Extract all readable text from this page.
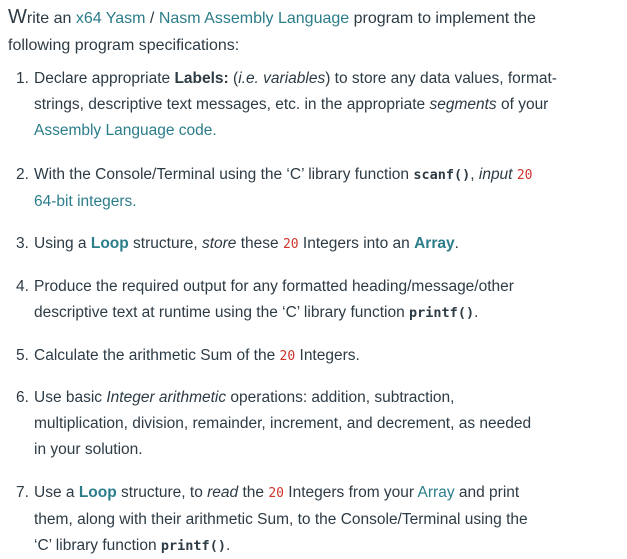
Write an x64 Yasm / Nasm Assembly Language program to implement the
following program specifications:
1. Declare appropriate Labels: (i.e. variables) to store any data values, format-
strings, descriptive text messages, etc. in the appropriate segments of your
Assembly Language code.
2. With the Console/Terminal using the ‘C’ library function scanf(), input 20
64-bit integers.
3. Using a Loop structure, store these 20 Integers into an Array.
4. Produce the required output for any formatted heading/message/other
descriptive text at runtime using the ‘C’ library function printf().
5. Calculate the arithmetic Sum of the 20 Integers.
6. Use basic Integer arithmetic operations: addition, subtraction,
multiplication, division, remainder, increment, and decrement, as needed
in your solution.
7. Use a Loop structure, to read the 20 Integers from your Array and print
them, along with their arithmetic Sum, to the Console/Terminal using the
‘C’ library function printf().
